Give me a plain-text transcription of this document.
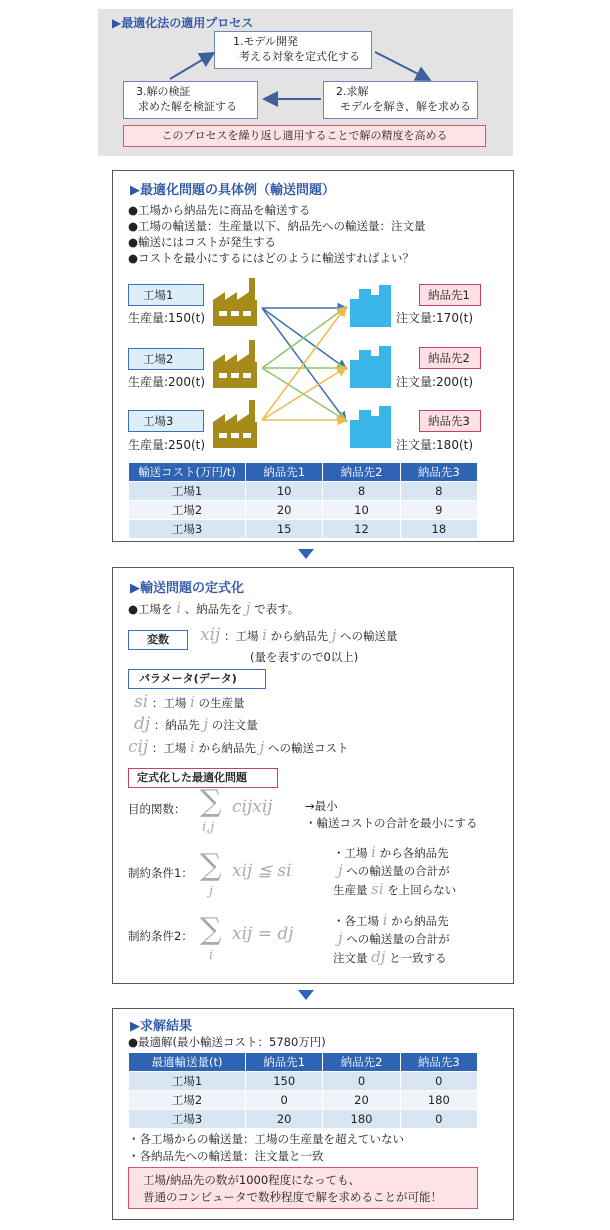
▶最適化法の適用プロセス
1.モデル開発
考える対象を定式化する
2.求解
モデルを解き、解を求める
3.解の検証
求めた解を検証する
このプロセスを繰り返し適用することで解の精度を高める
▶最適化問題の具体例（輸送問題）
●工場から納品先に商品を輸送する
●工場の輸送量：生産量以下、納品先への輸送量：注文量
●輸送にはコストが発生する
●コストを最小にするにはどのように輸送すればよい？
工場1
生産量:150(t)
工場2
生産量:200(t)
工場3
生産量:250(t)
納品先1
注文量:170(t)
納品先2
注文量:200(t)
納品先3
注文量:180(t)
輸送コスト(万円/t)	納品先1	納品先2	納品先3
工場1	10	8	8
工場2	20	10	9
工場3	15	12	18
▶輸送問題の定式化
●工場を i 、納品先を j で表す。
変数	xij ：工場 i から納品先 j への輸送量
(量を表すので0以上)
パラメータ(データ)
si ：工場 i の生産量
dj ：納品先 j の注文量
cij ：工場 i から納品先 j への輸送コスト
定式化した最適化問題
目的関数： ∑
i,j
cijxij	→最小
・輸送コストの合計を最小にする
制約条件1： ∑
j
xij ≦ si
・工場 i から各納品先
j への輸送量の合計が
生産量 si を上回らない
制約条件2： ∑
i
xij = dj
・各工場 i から納品先
j への輸送量の合計が
注文量 dj と一致する
▶求解結果
●最適解(最小輸送コスト：5780万円)
最適輸送量(t)	納品先1	納品先2	納品先3
工場1	150	0	0
工場2	0	20	180
工場3	20	180	0
・各工場からの輸送量：工場の生産量を超えていない
・各納品先への輸送量：注文量と一致
工場/納品先の数が1000程度になっても、
普通のコンピュータで数秒程度で解を求めることが可能！
